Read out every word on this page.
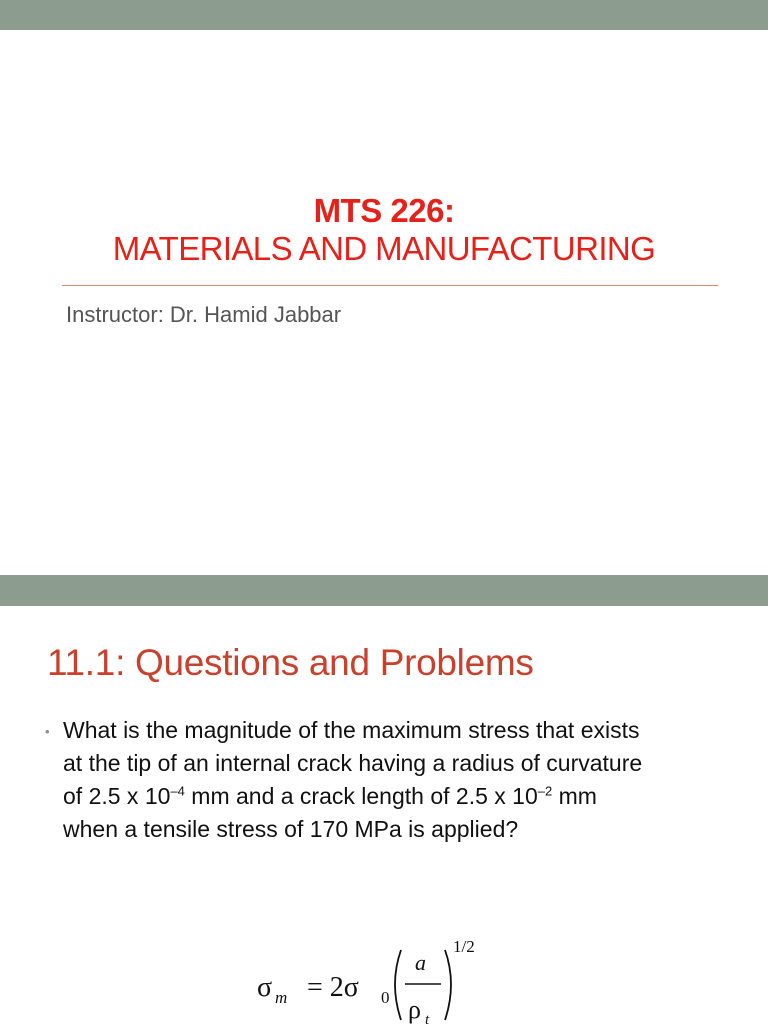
MTS 226:
MATERIALS AND MANUFACTURING
Instructor: Dr. Hamid Jabbar
11.1: Questions and Problems
• What is the magnitude of the maximum stress that exists
at the tip of an internal crack having a radius of curvature
of 2.5 x $10^{-4}$ mm and a crack length of 2.5 x $10^{-2}$ mm
when a tensile stress of 170 MPa is applied?
σ m = 2σ 0
a
ρ t
1/2
